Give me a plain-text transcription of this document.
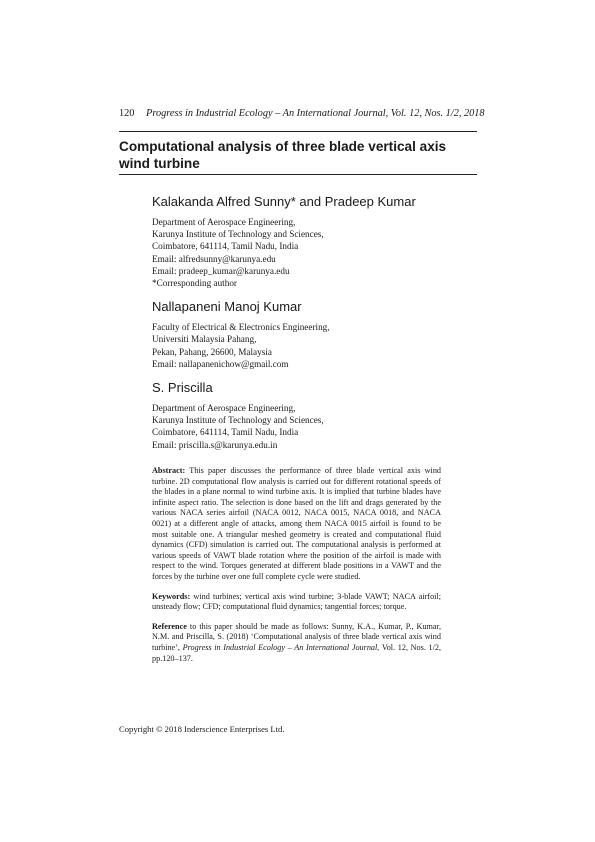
120 Progress in Industrial Ecology – An International Journal, Vol. 12, Nos. 1/2, 2018
Computational analysis of three blade vertical axis wind turbine
Kalakanda Alfred Sunny* and Pradeep Kumar
Department of Aerospace Engineering,
Karunya Institute of Technology and Sciences,
Coimbatore, 641114, Tamil Nadu, India
Email: alfredsunny@karunya.edu
Email: pradeep_kumar@karunya.edu
*Corresponding author
Nallapaneni Manoj Kumar
Faculty of Electrical & Electronics Engineering,
Universiti Malaysia Pahang,
Pekan, Pahang, 26600, Malaysia
Email: nallapanenichow@gmail.com
S. Priscilla
Department of Aerospace Engineering,
Karunya Institute of Technology and Sciences,
Coimbatore, 641114, Tamil Nadu, India
Email: priscilla.s@karunya.edu.in

Abstract: This paper discusses the performance of three blade vertical axis wind turbine. 2D computational flow analysis is carried out for different rotational speeds of the blades in a plane normal to wind turbine axis. It is implied that turbine blades have infinite aspect ratio. The selection is done based on the lift and drags generated by the various NACA series airfoil (NACA 0012, NACA 0015, NACA 0018, and NACA 0021) at a different angle of attacks, among them NACA 0015 airfoil is found to be most suitable one. A triangular meshed geometry is created and computational fluid dynamics (CFD) simulation is carried out. The computational analysis is performed at various speeds of VAWT blade rotation where the position of the airfoil is made with respect to the wind. Torques generated at different blade positions in a VAWT and the forces by the turbine over one full complete cycle were studied.

Keywords: wind turbines; vertical axis wind turbine; 3-blade VAWT; NACA airfoil; unsteady flow; CFD; computational fluid dynamics; tangential forces; torque.

Reference to this paper should be made as follows: Sunny, K.A., Kumar, P., Kumar, N.M. and Priscilla, S. (2018) ‘Computational analysis of three blade vertical axis wind turbine’, Progress in Industrial Ecology – An International Journal, Vol. 12, Nos. 1/2, pp.120–137.

Copyright © 2018 Inderscience Enterprises Ltd.
